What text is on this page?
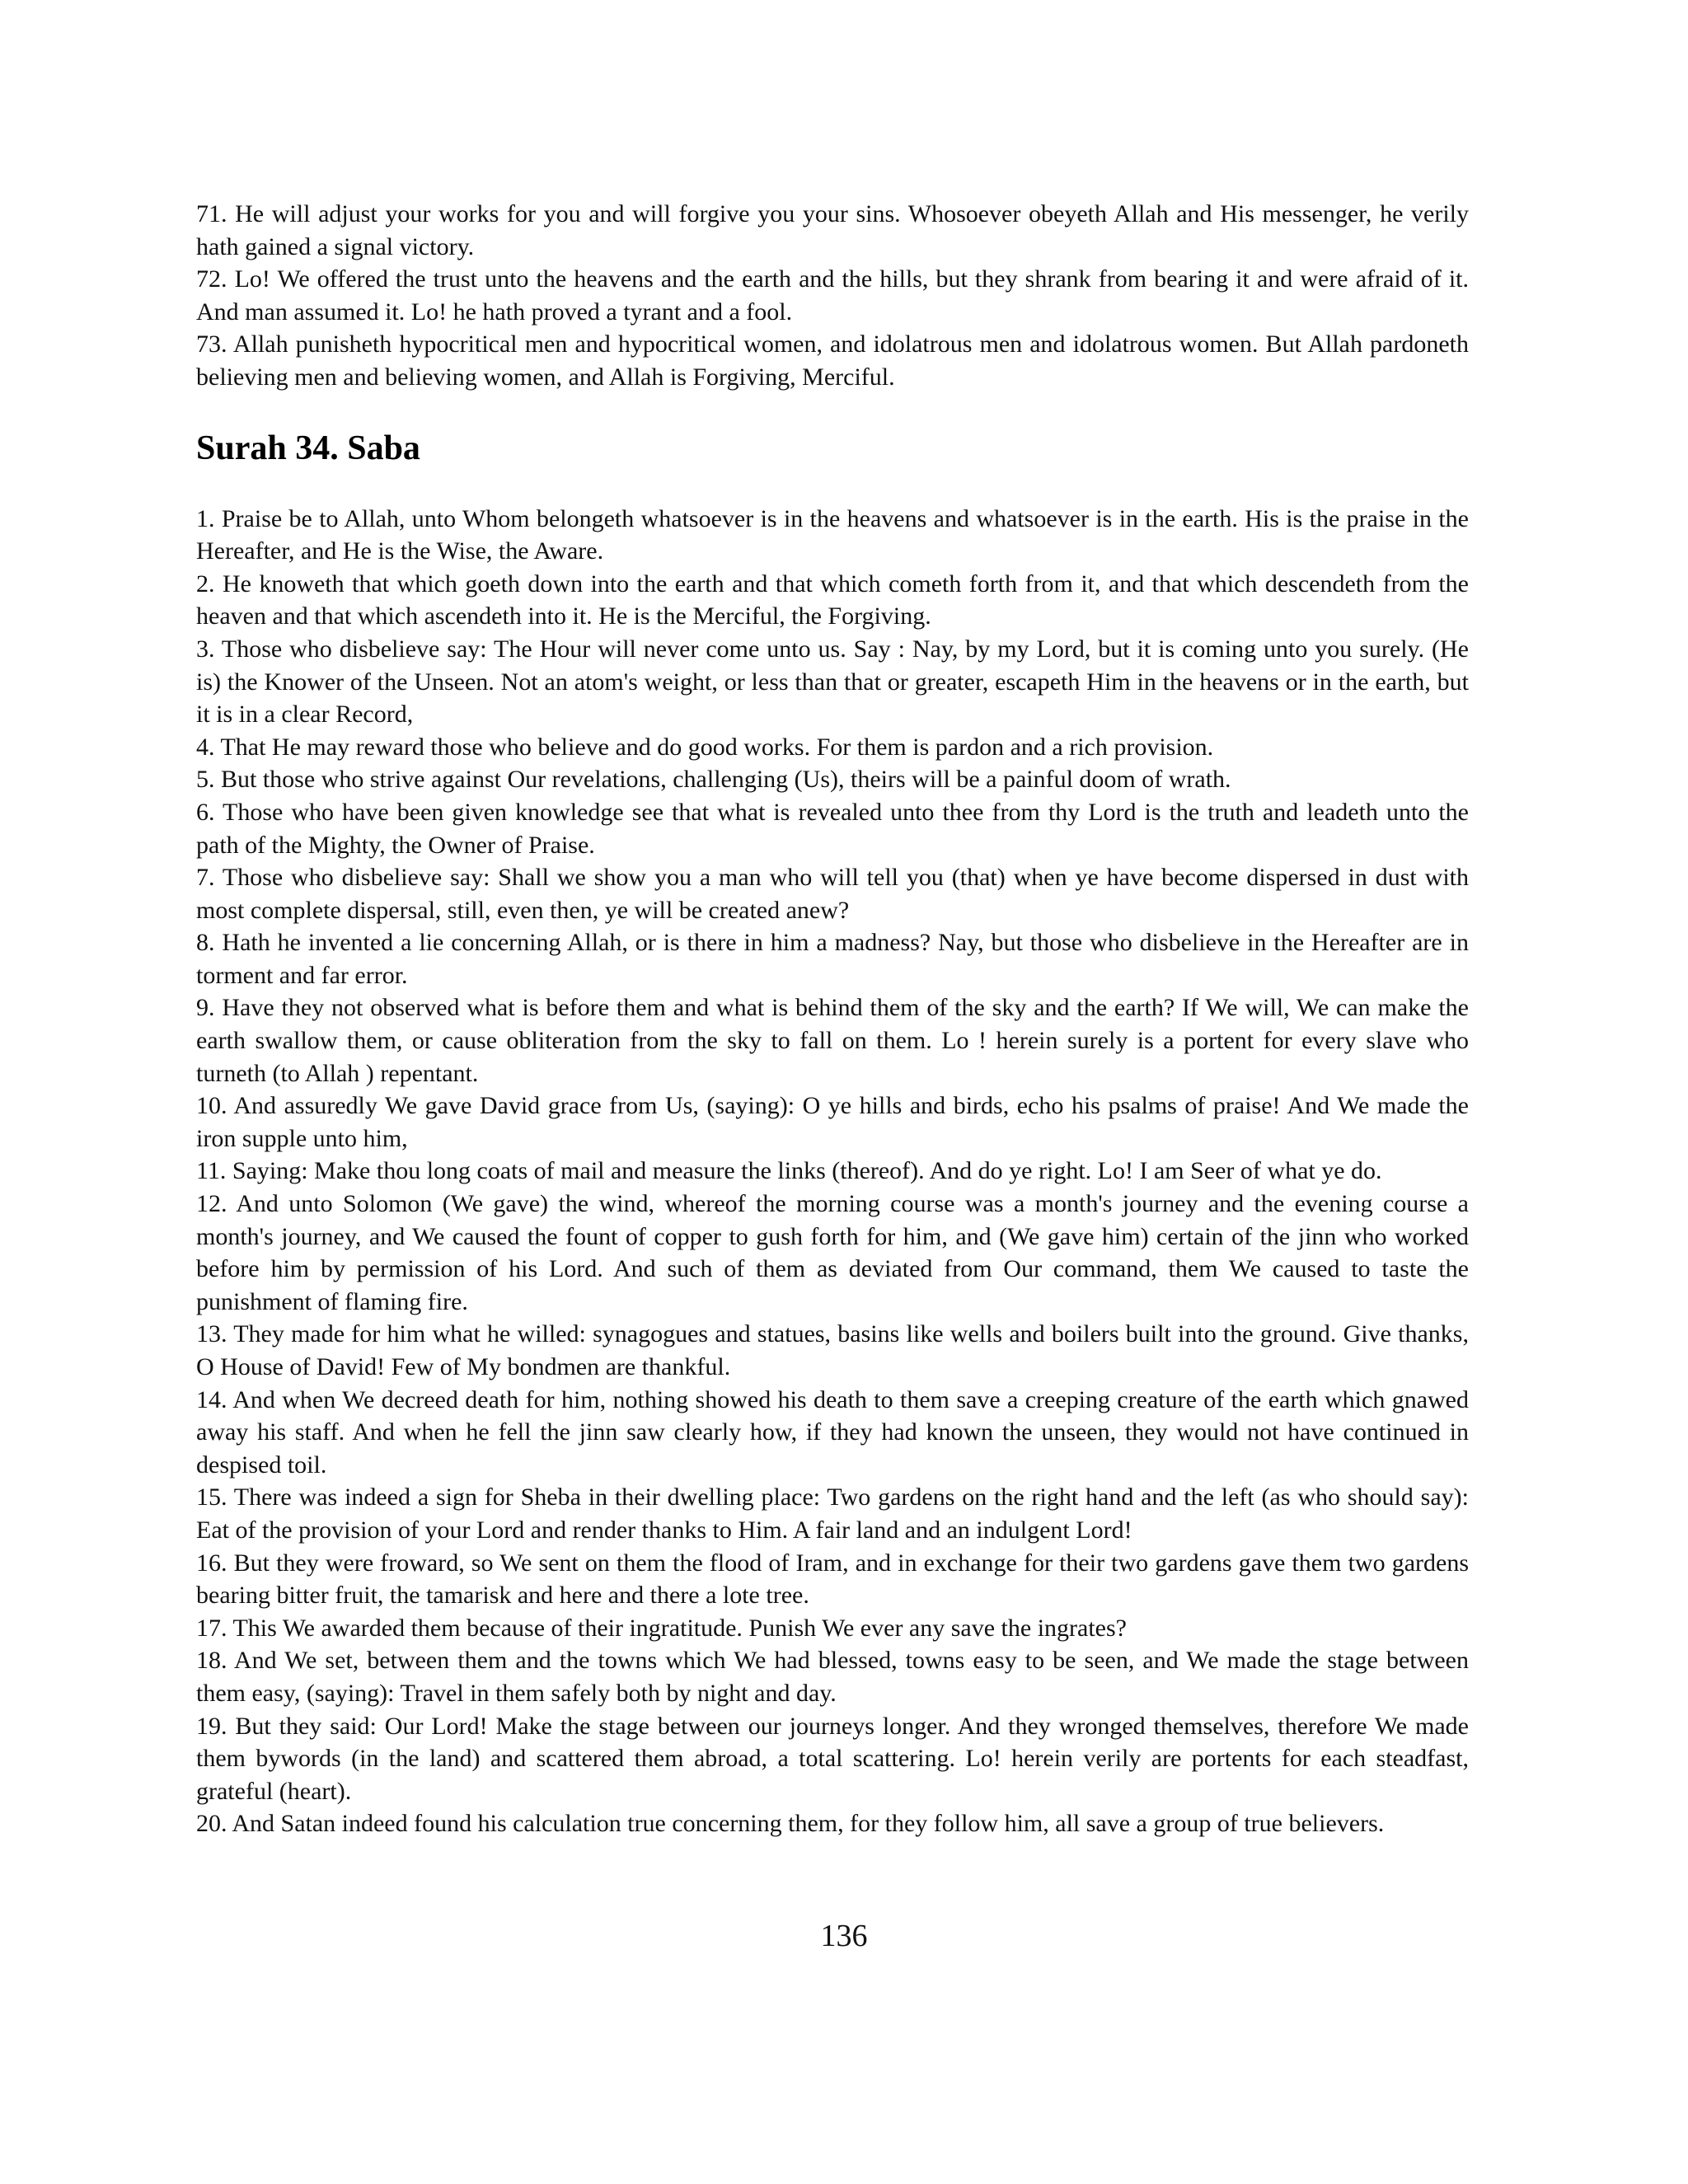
71. He will adjust your works for you and will forgive you your sins. Whosoever obeyeth Allah and His messenger, he verily hath gained a signal victory.

72. Lo! We offered the trust unto the heavens and the earth and the hills, but they shrank from bearing it and were afraid of it. And man assumed it. Lo! he hath proved a tyrant and a fool.

73. Allah punisheth hypocritical men and hypocritical women, and idolatrous men and idolatrous women. But Allah pardoneth believing men and believing women, and Allah is Forgiving, Merciful.

Surah 34. Saba

1. Praise be to Allah, unto Whom belongeth whatsoever is in the heavens and whatsoever is in the earth. His is the praise in the Hereafter, and He is the Wise, the Aware.

2. He knoweth that which goeth down into the earth and that which cometh forth from it, and that which descendeth from the heaven and that which ascendeth into it. He is the Merciful, the Forgiving.

3. Those who disbelieve say: The Hour will never come unto us. Say : Nay, by my Lord, but it is coming unto you surely. (He is) the Knower of the Unseen. Not an atom's weight, or less than that or greater, escapeth Him in the heavens or in the earth, but it is in a clear Record,

4. That He may reward those who believe and do good works. For them is pardon and a rich provision.

5. But those who strive against Our revelations, challenging (Us), theirs will be a painful doom of wrath.

6. Those who have been given knowledge see that what is revealed unto thee from thy Lord is the truth and leadeth unto the path of the Mighty, the Owner of Praise.

7. Those who disbelieve say: Shall we show you a man who will tell you (that) when ye have become dispersed in dust with most complete dispersal, still, even then, ye will be created anew?

8. Hath he invented a lie concerning Allah, or is there in him a madness? Nay, but those who disbelieve in the Hereafter are in torment and far error.

9. Have they not observed what is before them and what is behind them of the sky and the earth? If We will, We can make the earth swallow them, or cause obliteration from the sky to fall on them. Lo ! herein surely is a portent for every slave who turneth (to Allah ) repentant.

10. And assuredly We gave David grace from Us, (saying): O ye hills and birds, echo his psalms of praise! And We made the iron supple unto him,

11. Saying: Make thou long coats of mail and measure the links (thereof). And do ye right. Lo! I am Seer of what ye do.

12. And unto Solomon (We gave) the wind, whereof the morning course was a month's journey and the evening course a month's journey, and We caused the fount of copper to gush forth for him, and (We gave him) certain of the jinn who worked before him by permission of his Lord. And such of them as deviated from Our command, them We caused to taste the punishment of flaming fire.

13. They made for him what he willed: synagogues and statues, basins like wells and boilers built into the ground. Give thanks, O House of David! Few of My bondmen are thankful.

14. And when We decreed death for him, nothing showed his death to them save a creeping creature of the earth which gnawed away his staff. And when he fell the jinn saw clearly how, if they had known the unseen, they would not have continued in despised toil.

15. There was indeed a sign for Sheba in their dwelling place: Two gardens on the right hand and the left (as who should say): Eat of the provision of your Lord and render thanks to Him. A fair land and an indulgent Lord!

16. But they were froward, so We sent on them the flood of Iram, and in exchange for their two gardens gave them two gardens bearing bitter fruit, the tamarisk and here and there a lote tree.

17. This We awarded them because of their ingratitude. Punish We ever any save the ingrates?

18. And We set, between them and the towns which We had blessed, towns easy to be seen, and We made the stage between them easy, (saying): Travel in them safely both by night and day.

19. But they said: Our Lord! Make the stage between our journeys longer. And they wronged themselves, therefore We made them bywords (in the land) and scattered them abroad, a total scattering. Lo! herein verily are portents for each steadfast, grateful (heart).

20. And Satan indeed found his calculation true concerning them, for they follow him, all save a group of true believers.

136
